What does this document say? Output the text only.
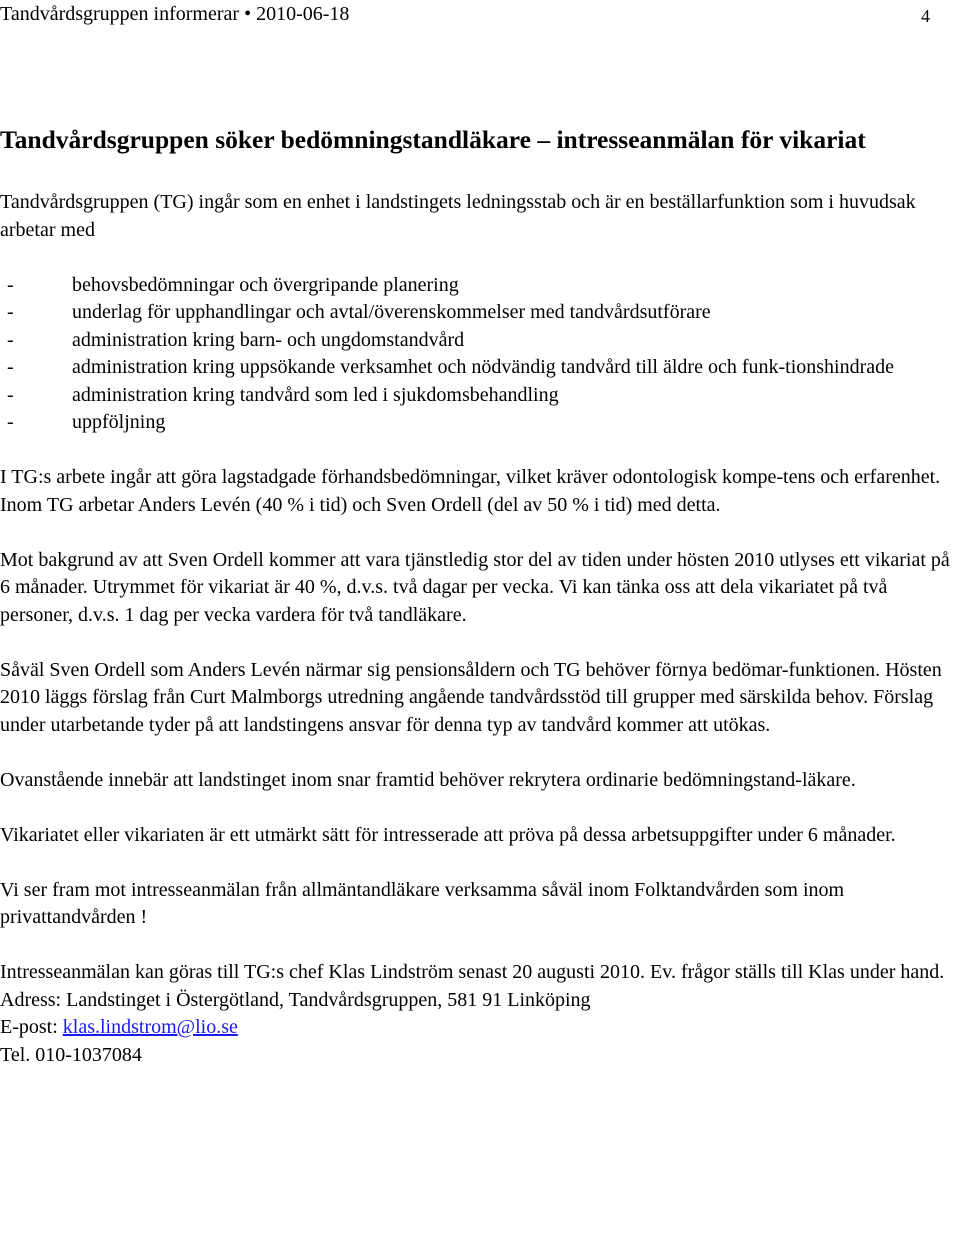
Tandvårdsgruppen informerar • 2010-06-18	4
Tandvårdsgruppen söker bedömningstandläkare – intresseanmälan för vikariat

Tandvårdsgruppen (TG) ingår som en enhet i landstingets ledningsstab och är en beställarfunktion som i huvudsak arbetar med

-	behovsbedömningar och övergripande planering
-	underlag för upphandlingar och avtal/överenskommelser med tandvårdsutförare
-	administration kring barn- och ungdomstandvård
-	administration kring uppsökande verksamhet och nödvändig tandvård till äldre och funk-tionshindrade
-	administration kring tandvård som led i sjukdomsbehandling
-	uppföljning

I TG:s arbete ingår att göra lagstadgade förhandsbedömningar, vilket kräver odontologisk kompe-tens och erfarenhet. Inom TG arbetar Anders Levén (40 % i tid) och Sven Ordell (del av 50 % i tid) med detta.

Mot bakgrund av att Sven Ordell kommer att vara tjänstledig stor del av tiden under hösten 2010 utlyses ett vikariat på 6 månader. Utrymmet för vikariat är 40 %, d.v.s. två dagar per vecka. Vi kan tänka oss att dela vikariatet på två personer, d.v.s. 1 dag per vecka vardera för två tandläkare.

Såväl Sven Ordell som Anders Levén närmar sig pensionsåldern och TG behöver förnya bedömar-funktionen. Hösten 2010 läggs förslag från Curt Malmborgs utredning angående tandvårdsstöd till grupper med särskilda behov. Förslag under utarbetande tyder på att landstingens ansvar för denna typ av tandvård kommer att utökas.

Ovanstående innebär att landstinget inom snar framtid behöver rekrytera ordinarie bedömningstand-läkare.

Vikariatet eller vikariaten är ett utmärkt sätt för intresserade att pröva på dessa arbetsuppgifter under 6 månader.

Vi ser fram mot intresseanmälan från allmäntandläkare verksamma såväl inom Folktandvården som inom privattandvården !

Intresseanmälan kan göras till TG:s chef Klas Lindström senast 20 augusti 2010. Ev. frågor ställs till Klas under hand.

Adress: Landstinget i Östergötland, Tandvårdsgruppen, 581 91 Linköping

E-post: klas.lindstrom@lio.se

Tel. 010-1037084
